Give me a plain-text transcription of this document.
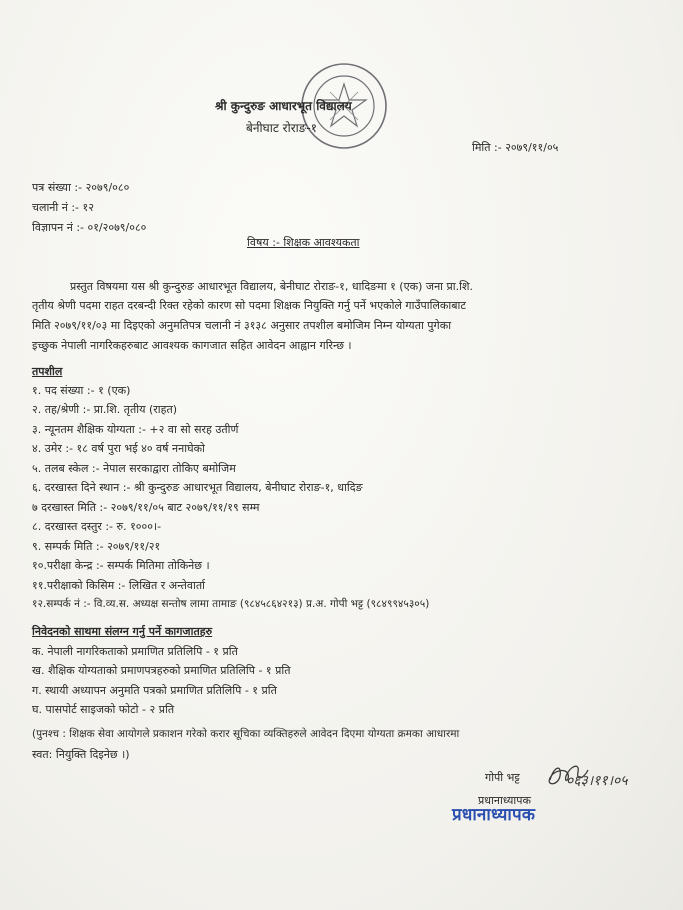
श्री कुन्दुरुङ आधारभूत विद्यालय
बेनीघाट रोराङ-१
मिति :- २०७९/११/०५
पत्र संख्या :- २०७९/०८०
चलानी नं :- १२
विज्ञापन नं :- ०१/२०७९/०८०
विषय :- शिक्षक आवश्यकता
प्रस्तुत विषयमा यस श्री कुन्दुरुङ आधारभूत विद्यालय, बेनीघाट रोराङ-१, धादिङमा १ (एक) जना प्रा.शि.
तृतीय श्रेणी पदमा राहत दरबन्दी रिक्त रहेको कारण सो पदमा शिक्षक नियुक्ति गर्नु पर्ने भएकोले गाउँपालिकाबाट
मिति २०७९/११/०३ मा दिइएको अनुमतिपत्र चलानी नं ३१३८ अनुसार तपशील बमोजिम निम्न योग्यता पुगेका
इच्छुक नेपाली नागरिकहरुबाट आवश्यक कागजात सहित आवेदन आह्वान गरिन्छ ।
तपशील
१. पद संख्या :- १ (एक)
२. तह/श्रेणी :- प्रा.शि. तृतीय (राहत)
३. न्यूनतम शैक्षिक योग्यता :- +२ वा सो सरह उतीर्ण
४. उमेर :- १८ वर्ष पुरा भई ४० वर्ष ननाघेको
५. तलब स्केल :- नेपाल सरकाद्वारा तोकिए बमोजिम
६. दरखास्त दिने स्थान :- श्री कुन्दुरुङ आधारभूत विद्यालय, बेनीघाट रोराङ-१, धादिङ
७ दरखास्त मिति :- २०७९/११/०५ बाट २०७९/११/१९ सम्म
८. दरखास्त दस्तुर :- रु. १०००।-
९. सम्पर्क मिति :- २०७९/११/२१
१०.परीक्षा केन्द्र :- सम्पर्क मितिमा तोकिनेछ ।
११.परीक्षाको किसिम :- लिखित र अन्तेवार्ता
१२.सम्पर्क नं :- वि.व्य.स. अध्यक्ष सन्तोष लामा तामाङ (९८४५८६४२१३) प्र.अ. गोपी भट्ट (९८४९९४५३०५)
निवेदनको साथमा संलग्न गर्नु पर्ने कागजातहरु
क. नेपाली नागरिकताको प्रमाणित प्रतिलिपि - १ प्रति
ख. शैक्षिक योग्यताको प्रमाणपत्रहरुको प्रमाणित प्रतिलिपि - १ प्रति
ग. स्थायी अध्यापन अनुमति पत्रको प्रमाणित प्रतिलिपि - १ प्रति
घ. पासपोर्ट साइजको फोटो - २ प्रति
(पुनश्च : शिक्षक सेवा आयोगले प्रकाशन गरेको करार सूचिका व्यक्तिहरुले आवेदन दिएमा योग्यता क्रमका आधारमा
स्वत: नियुक्ति दिइनेछ ।)
गोपी भट्ट	०६३।११।०५
प्रधानाध्यापक
प्रधानाध्यापक
